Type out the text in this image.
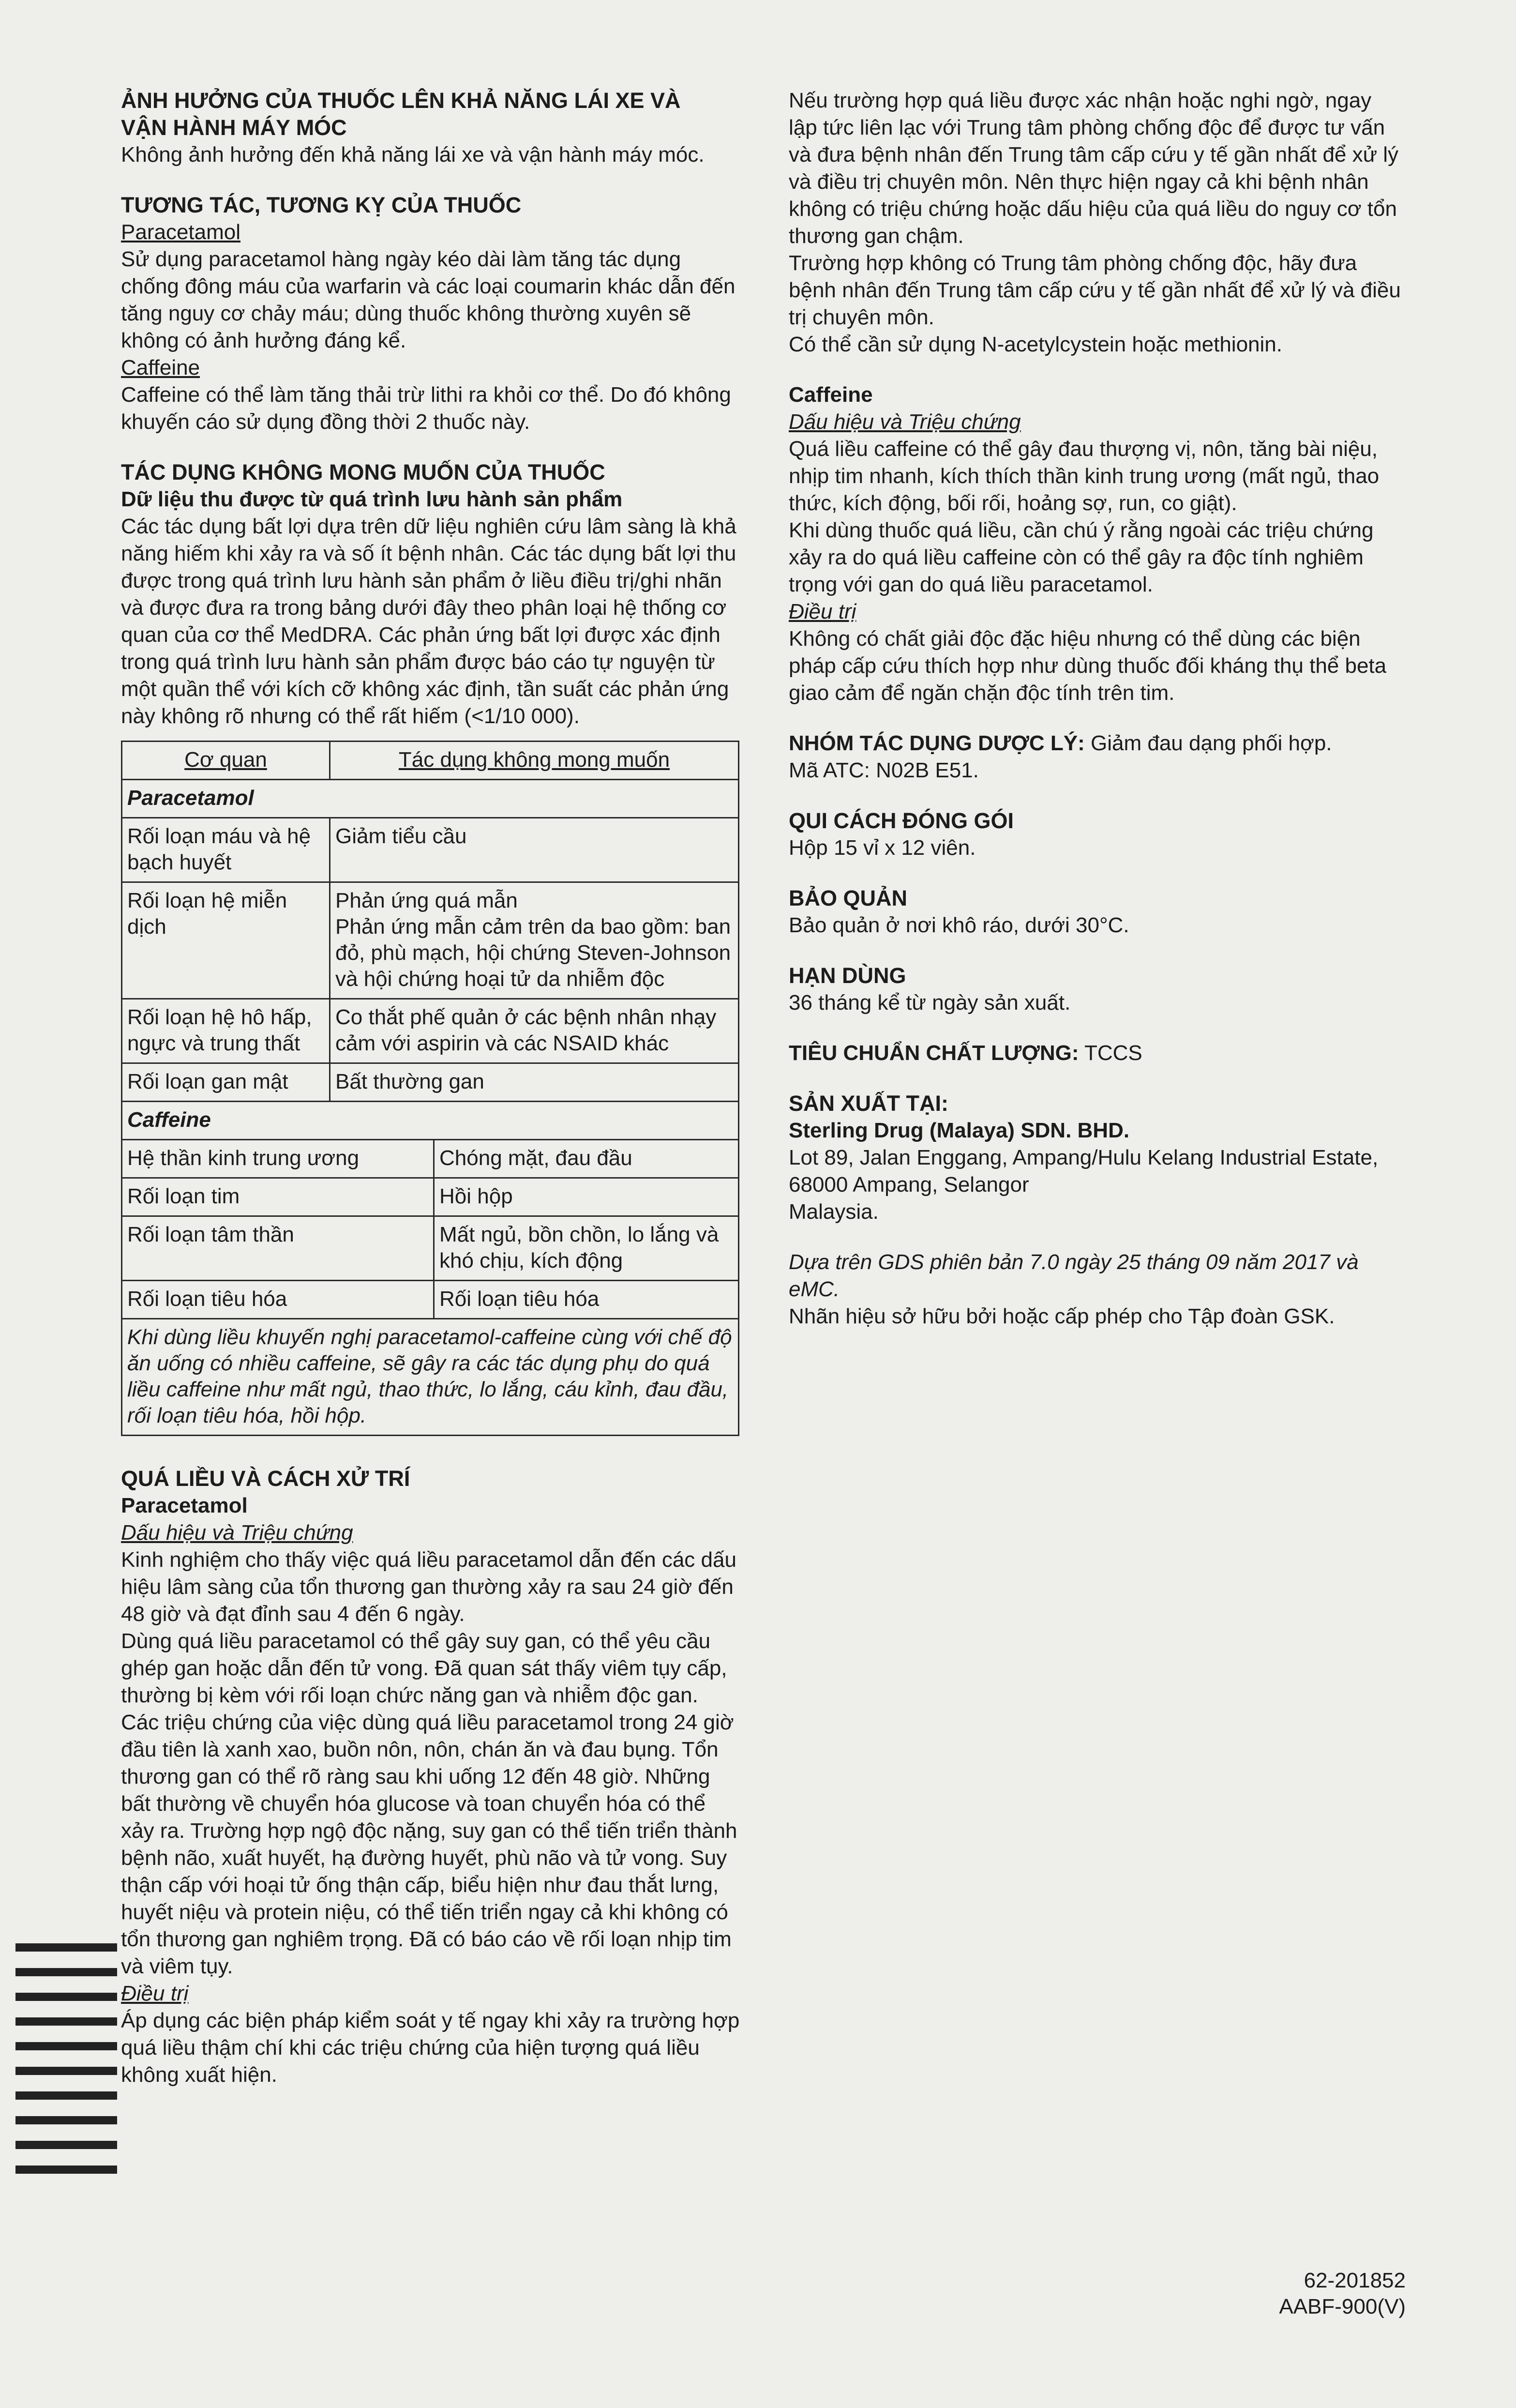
ẢNH HƯỞNG CỦA THUỐC LÊN KHẢ NĂNG LÁI XE VÀ

VẬN HÀNH MÁY MÓC

Không ảnh hưởng đến khả năng lái xe và vận hành máy móc.

TƯƠNG TÁC, TƯƠNG KỴ CỦA THUỐC

Paracetamol

Sử dụng paracetamol hàng ngày kéo dài làm tăng tác dụng chống đông máu của warfarin và các loại coumarin khác dẫn đến tăng nguy cơ chảy máu; dùng thuốc không thường xuyên sẽ không có ảnh hưởng đáng kể.

Caffeine

Caffeine có thể làm tăng thải trừ lithi ra khỏi cơ thể. Do đó không khuyến cáo sử dụng đồng thời 2 thuốc này.

TÁC DỤNG KHÔNG MONG MUỐN CỦA THUỐC

Dữ liệu thu được từ quá trình lưu hành sản phẩm

Các tác dụng bất lợi dựa trên dữ liệu nghiên cứu lâm sàng là khả năng hiếm khi xảy ra và số ít bệnh nhân. Các tác dụng bất lợi thu được trong quá trình lưu hành sản phẩm ở liều điều trị/ghi nhãn và được đưa ra trong bảng dưới đây theo phân loại hệ thống cơ quan của cơ thể MedDRA. Các phản ứng bất lợi được xác định trong quá trình lưu hành sản phẩm được báo cáo tự nguyện từ một quần thể với kích cỡ không xác định, tần suất các phản ứng này không rõ nhưng có thể rất hiếm (<1/10 000).

Cơ quan	Tác dụng không mong muốn	
Paracetamol		
Rối loạn máu và hệ bạch huyết	Giảm tiểu cầu	
Rối loạn hệ miễn dịch	Phản ứng quá mẫn
Phản ứng mẫn cảm trên da bao gồm: ban đỏ, phù mạch, hội chứng Steven-Johnson và hội chứng hoại tử da nhiễm độc	
Rối loạn hệ hô hấp, ngực và trung thất	Co thắt phế quản ở các bệnh nhân nhạy cảm với aspirin và các NSAID khác	
Rối loạn gan mật	Bất thường gan	
Caffeine		
Hệ thần kinh trung ương		Chóng mặt, đau đầu
Rối loạn tim		Hồi hộp
Rối loạn tâm thần		Mất ngủ, bồn chồn, lo lắng và khó chịu, kích động
Rối loạn tiêu hóa		Rối loạn tiêu hóa
Khi dùng liều khuyến nghị paracetamol-caffeine cùng với chế độ ăn uống có nhiều caffeine, sẽ gây ra các tác dụng phụ do quá liều caffeine như mất ngủ, thao thức, lo lắng, cáu kỉnh, đau đầu, rối loạn tiêu hóa, hồi hộp.		

QUÁ LIỀU VÀ CÁCH XỬ TRÍ

Paracetamol

Dấu hiệu và Triệu chứng

Kinh nghiệm cho thấy việc quá liều paracetamol dẫn đến các dấu hiệu lâm sàng của tổn thương gan thường xảy ra sau 24 giờ đến 48 giờ và đạt đỉnh sau 4 đến 6 ngày.

Dùng quá liều paracetamol có thể gây suy gan, có thể yêu cầu ghép gan hoặc dẫn đến tử vong. Đã quan sát thấy viêm tụy cấp, thường bị kèm với rối loạn chức năng gan và nhiễm độc gan.

Các triệu chứng của việc dùng quá liều paracetamol trong 24 giờ đầu tiên là xanh xao, buồn nôn, nôn, chán ăn và đau bụng. Tổn thương gan có thể rõ ràng sau khi uống 12 đến 48 giờ. Những bất thường về chuyển hóa glucose và toan chuyển hóa có thể xảy ra. Trường hợp ngộ độc nặng, suy gan có thể tiến triển thành bệnh não, xuất huyết, hạ đường huyết, phù não và tử vong. Suy thận cấp với hoại tử ống thận cấp, biểu hiện như đau thắt lưng, huyết niệu và protein niệu, có thể tiến triển ngay cả khi không có tổn thương gan nghiêm trọng. Đã có báo cáo về rối loạn nhịp tim và viêm tụy.

Điều trị

Áp dụng các biện pháp kiểm soát y tế ngay khi xảy ra trường hợp quá liều thậm chí khi các triệu chứng của hiện tượng quá liều không xuất hiện.

Nếu trường hợp quá liều được xác nhận hoặc nghi ngờ, ngay lập tức liên lạc với Trung tâm phòng chống độc để được tư vấn và đưa bệnh nhân đến Trung tâm cấp cứu y tế gần nhất để xử lý và điều trị chuyên môn. Nên thực hiện ngay cả khi bệnh nhân không có triệu chứng hoặc dấu hiệu của quá liều do nguy cơ tổn thương gan chậm.

Trường hợp không có Trung tâm phòng chống độc, hãy đưa bệnh nhân đến Trung tâm cấp cứu y tế gần nhất để xử lý và điều trị chuyên môn.

Có thể cần sử dụng N-acetylcystein hoặc methionin.

Caffeine

Dấu hiệu và Triệu chứng

Quá liều caffeine có thể gây đau thượng vị, nôn, tăng bài niệu, nhịp tim nhanh, kích thích thần kinh trung ương (mất ngủ, thao thức, kích động, bối rối, hoảng sợ, run, co giật).

Khi dùng thuốc quá liều, cần chú ý rằng ngoài các triệu chứng xảy ra do quá liều caffeine còn có thể gây ra độc tính nghiêm trọng với gan do quá liều paracetamol.

Điều trị

Không có chất giải độc đặc hiệu nhưng có thể dùng các biện pháp cấp cứu thích hợp như dùng thuốc đối kháng thụ thể beta giao cảm để ngăn chặn độc tính trên tim.

NHÓM TÁC DỤNG DƯỢC LÝ: Giảm đau dạng phối hợp.

Mã ATC: N02B E51.

QUI CÁCH ĐÓNG GÓI

Hộp 15 vỉ x 12 viên.

BẢO QUẢN

Bảo quản ở nơi khô ráo, dưới 30°C.

HẠN DÙNG

36 tháng kể từ ngày sản xuất.

TIÊU CHUẨN CHẤT LƯỢNG: TCCS

SẢN XUẤT TẠI:

Sterling Drug (Malaya) SDN. BHD.

Lot 89, Jalan Enggang, Ampang/Hulu Kelang Industrial Estate, 68000 Ampang, Selangor

Malaysia.

Dựa trên GDS phiên bản 7.0 ngày 25 tháng 09 năm 2017 và eMC.

Nhãn hiệu sở hữu bởi hoặc cấp phép cho Tập đoàn GSK.

62-201852
AABF-900(V)
